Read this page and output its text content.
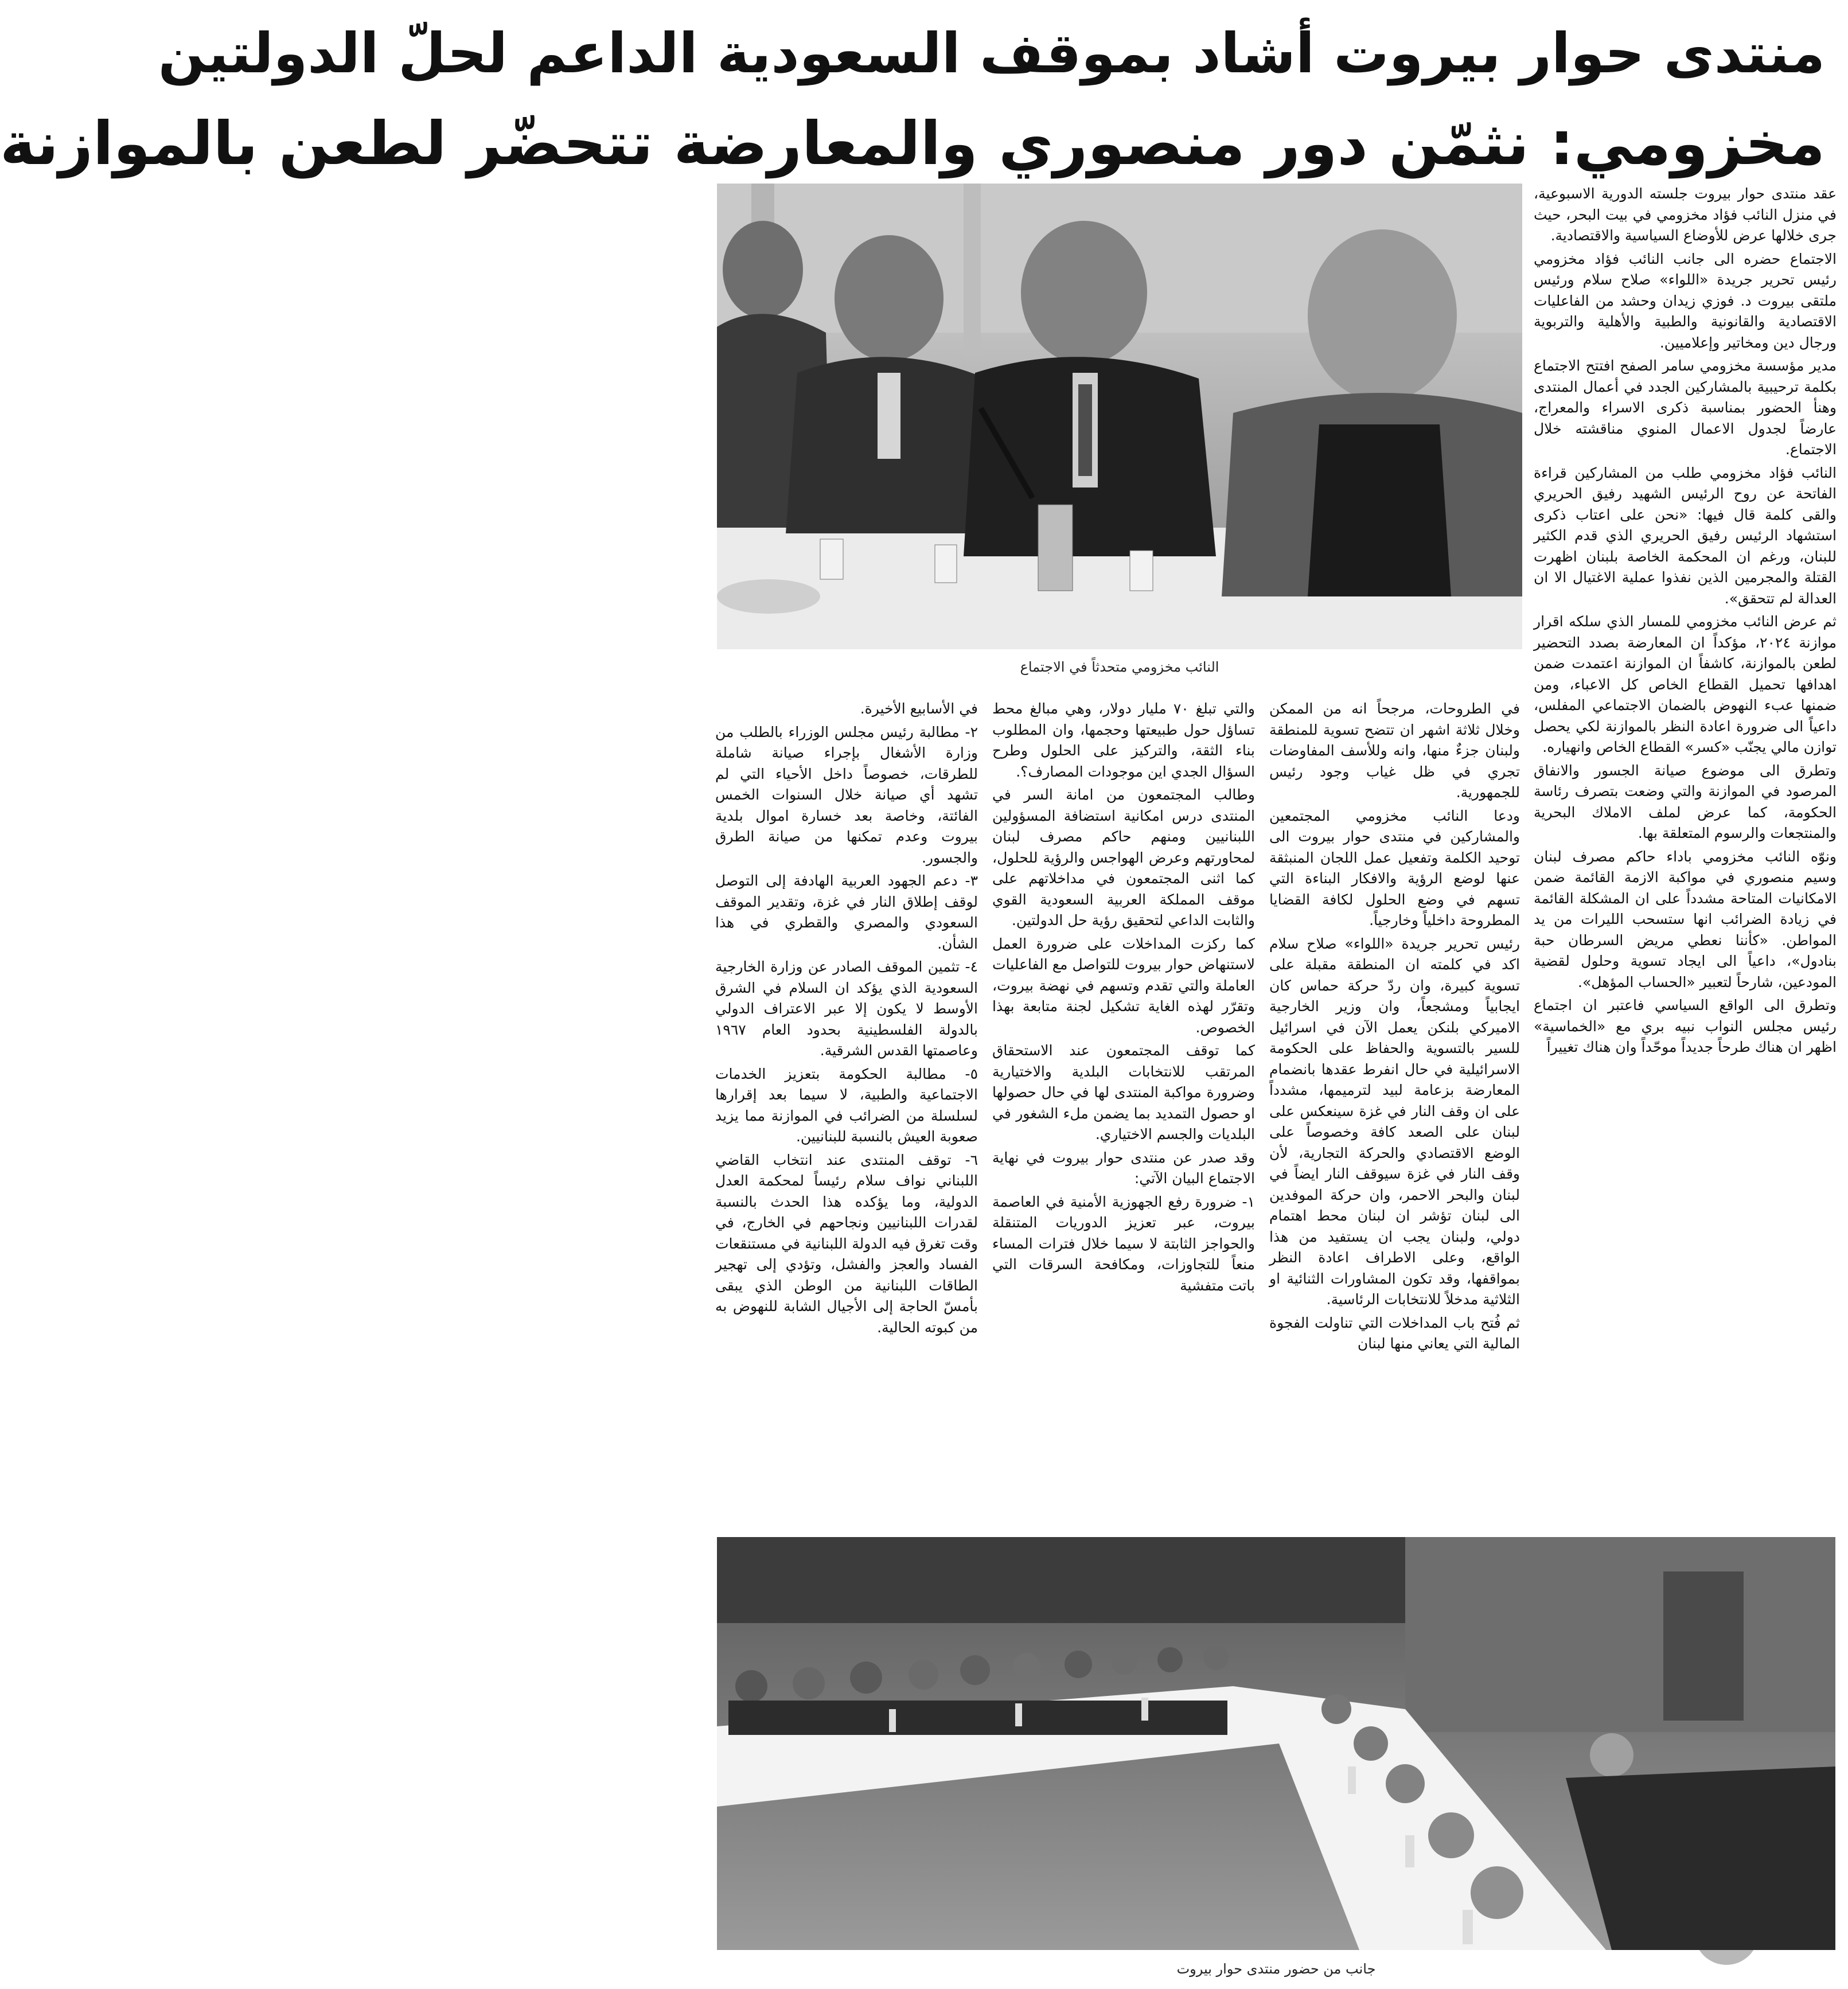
منتدى حوار بيروت أشاد بموقف السعودية الداعم لحلّ الدولتين
مخزومي: نثمّن دور منصوري والمعارضة تتحضّر لطعن بالموازنة

عقد منتدى حوار بيروت جلسته الدورية الاسبوعية، في منزل النائب فؤاد مخزومي في بيت البحر، حيث جرى خلالها عرض للأوضاع السياسية والاقتصادية.

الاجتماع حضره الى جانب النائب فؤاد مخزومي رئيس تحرير جريدة «اللواء» صلاح سلام ورئيس ملتقى بيروت د. فوزي زيدان وحشد من الفاعليات الاقتصادية والقانونية والطبية والأهلية والتربوية ورجال دين ومخاتير وإعلاميين.

مدير مؤسسة مخزومي سامر الصفح افتتح الاجتماع بكلمة ترحيبية بالمشاركين الجدد في أعمال المنتدى وهنأ الحضور بمناسبة ذكرى الاسراء والمعراج، عارضاً لجدول الاعمال المنوي مناقشته خلال الاجتماع.

النائب فؤاد مخزومي طلب من المشاركين قراءة الفاتحة عن روح الرئيس الشهيد رفيق الحريري والقى كلمة قال فيها: «نحن على اعتاب ذكرى استشهاد الرئيس رفيق الحريري الذي قدم الكثير للبنان، ورغم ان المحكمة الخاصة بلبنان اظهرت القتلة والمجرمين الذين نفذوا عملية الاغتيال الا ان العدالة لم تتحقق».

ثم عرض النائب مخزومي للمسار الذي سلكه اقرار موازنة ٢٠٢٤، مؤكداً ان المعارضة بصدد التحضير لطعن بالموازنة، كاشفاً ان الموازنة اعتمدت ضمن اهدافها تحميل القطاع الخاص كل الاعباء، ومن ضمنها عبء النهوض بالضمان الاجتماعي المفلس، داعياً الى ضرورة اعادة النظر بالموازنة لكي يحصل توازن مالي يجنّب «كسر» القطاع الخاص وانهياره.

وتطرق الى موضوع صيانة الجسور والانفاق المرصود في الموازنة والتي وضعت بتصرف رئاسة الحكومة، كما عرض لملف الاملاك البحرية والمنتجعات والرسوم المتعلقة بها.

ونوّه النائب مخزومي باداء حاكم مصرف لبنان وسيم منصوري في مواكبة الازمة القائمة ضمن الامكانيات المتاحة مشدداً على ان المشكلة القائمة في زيادة الضرائب انها ستسحب الليرات من يد المواطن. «كأننا نعطي مريض السرطان حبة بنادول»، داعياً الى ايجاد تسوية وحلول لقضية المودعين، شارحاً لتعبير «الحساب المؤهل».

وتطرق الى الواقع السياسي فاعتبر ان اجتماع رئيس مجلس النواب نبيه بري مع «الخماسية» اظهر ان هناك طرحاً جديداً موحّداً وان هناك تغييراً

النائب مخزومي متحدثاً في الاجتماع

في الطروحات، مرجحاً انه من الممكن وخلال ثلاثة اشهر ان تتضح تسوية للمنطقة ولبنان جزءٌ منها، وانه وللأسف المفاوضات تجري في ظل غياب وجود رئيس للجمهورية.

ودعا النائب مخزومي المجتمعين والمشاركين في منتدى حوار بيروت الى توحيد الكلمة وتفعيل عمل اللجان المنبثقة عنها لوضع الرؤية والافكار البناءة التي تسهم في وضع الحلول لكافة القضايا المطروحة داخلياً وخارجياً.

رئيس تحرير جريدة «اللواء» صلاح سلام اكد في كلمته ان المنطقة مقبلة على تسوية كبيرة، وان ردّ حركة حماس كان ايجابياً ومشجعاً، وان وزير الخارجية الاميركي بلنكن يعمل الآن في اسرائيل للسير بالتسوية والحفاظ على الحكومة الاسرائيلية في حال انفرط عقدها بانضمام المعارضة بزعامة لبيد لترميمها، مشدداً على ان وقف النار في غزة سينعكس على لبنان على الصعد كافة وخصوصاً على الوضع الاقتصادي والحركة التجارية، لأن وقف النار في غزة سيوقف النار ايضاً في لبنان والبحر الاحمر، وان حركة الموفدين الى لبنان تؤشر ان لبنان محط اهتمام دولي، ولبنان يجب ان يستفيد من هذا الواقع، وعلى الاطراف اعادة النظر بمواقفها، وقد تكون المشاورات الثنائية او الثلاثية مدخلاً للانتخابات الرئاسية.

ثم فُتح باب المداخلات التي تناولت الفجوة المالية التي يعاني منها لبنان

والتي تبلغ ٧٠ مليار دولار، وهي مبالغ محط تساؤل حول طبيعتها وحجمها، وان المطلوب بناء الثقة، والتركيز على الحلول وطرح السؤال الجدي اين موجودات المصارف؟.

وطالب المجتمعون من امانة السر في المنتدى درس امكانية استضافة المسؤولين اللبنانيين ومنهم حاكم مصرف لبنان لمحاورتهم وعرض الهواجس والرؤية للحلول، كما اثنى المجتمعون في مداخلاتهم على موقف المملكة العربية السعودية القوي والثابت الداعي لتحقيق رؤية حل الدولتين.

كما ركزت المداخلات على ضرورة العمل لاستنهاض حوار بيروت للتواصل مع الفاعليات العاملة والتي تقدم وتسهم في نهضة بيروت، وتقرّر لهذه الغاية تشكيل لجنة متابعة بهذا الخصوص.

كما توقف المجتمعون عند الاستحقاق المرتقب للانتخابات البلدية والاختيارية وضرورة مواكبة المنتدى لها في حال حصولها او حصول التمديد بما يضمن ملء الشغور في البلديات والجسم الاختياري.

وقد صدر عن منتدى حوار بيروت في نهاية الاجتماع البيان الآتي:

١- ضرورة رفع الجهوزية الأمنية في العاصمة بيروت، عبر تعزيز الدوريات المتنقلة والحواجز الثابتة لا سيما خلال فترات المساء منعاً للتجاوزات، ومكافحة السرقات التي باتت متفشية

في الأسابيع الأخيرة.

٢- مطالبة رئيس مجلس الوزراء بالطلب من وزارة الأشغال بإجراء صيانة شاملة للطرقات، خصوصاً داخل الأحياء التي لم تشهد أي صيانة خلال السنوات الخمس الفائتة، وخاصة بعد خسارة اموال بلدية بيروت وعدم تمكنها من صيانة الطرق والجسور.

٣- دعم الجهود العربية الهادفة إلى التوصل لوقف إطلاق النار في غزة، وتقدير الموقف السعودي والمصري والقطري في هذا الشأن.

٤- تثمين الموقف الصادر عن وزارة الخارجية السعودية الذي يؤكد ان السلام في الشرق الأوسط لا يكون إلا عبر الاعتراف الدولي بالدولة الفلسطينية بحدود العام ١٩٦٧ وعاصمتها القدس الشرقية.

٥- مطالبة الحكومة بتعزيز الخدمات الاجتماعية والطبية، لا سيما بعد إقرارها لسلسلة من الضرائب في الموازنة مما يزيد صعوبة العيش بالنسبة للبنانيين.

٦- توقف المنتدى عند انتخاب القاضي اللبناني نواف سلام رئيساً لمحكمة العدل الدولية، وما يؤكده هذا الحدث بالنسبة لقدرات اللبنانيين ونجاحهم في الخارج، في وقت تغرق فيه الدولة اللبنانية في مستنقعات الفساد والعجز والفشل، وتؤدي إلى تهجير الطاقات اللبنانية من الوطن الذي يبقى بأمسّ الحاجة إلى الأجيال الشابة للنهوض به من كبوته الحالية.

جانب من حضور منتدى حوار بيروت
